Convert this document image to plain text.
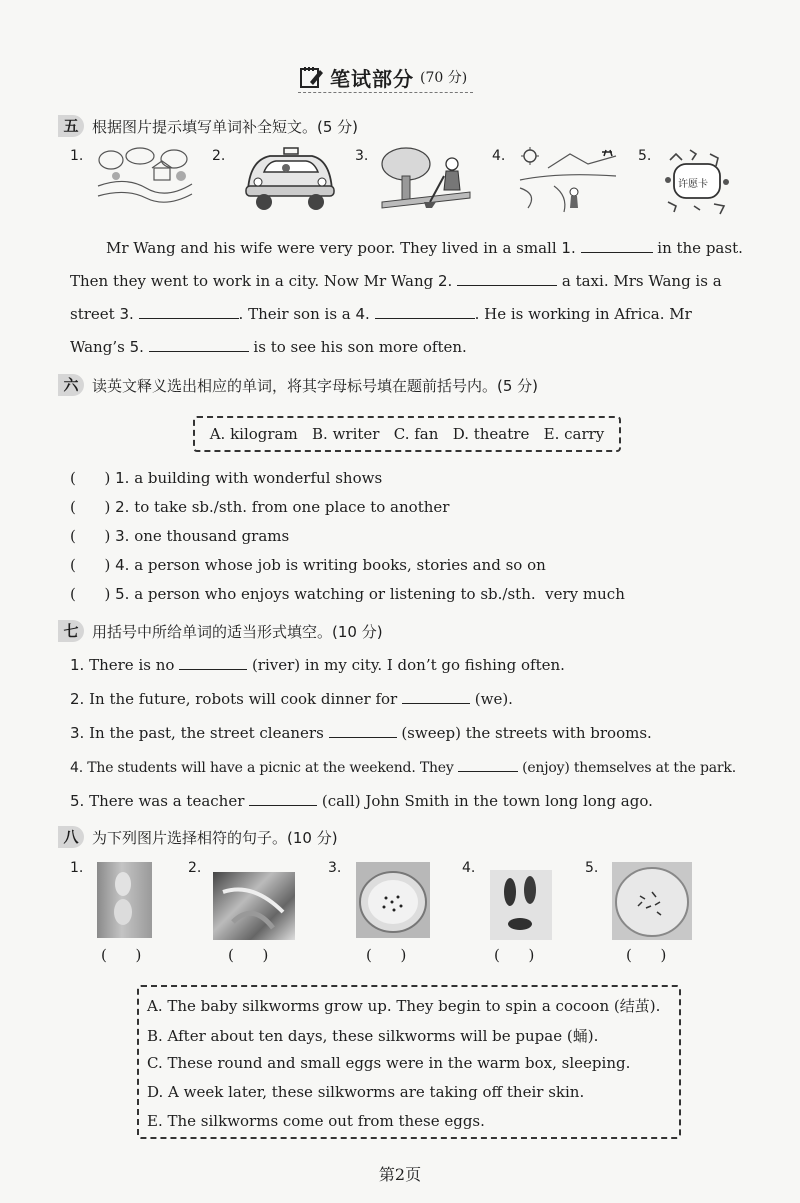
笔试部分 (70 分)
五 根据图片提示填写单词补全短文。(5 分)
1.	2.	3.	4.	5.
许愿卡

Mr Wang and his wife were very poor. They lived in a small 1.	in the past.

Then they went to work in a city. Now Mr Wang 2.	a taxi. Mrs Wang is a

street 3.	. Their son is a 4.	. He is working in Africa. Mr

Wang’s 5.	is to see his son more often.

六 读英文释义选出相应的单词，将其字母标号填在题前括号内。(5 分)
A. kilogram   B. writer   C. fan   D. theatre   E. carry
(      ) 1. a building with wonderful shows
(      ) 2. to take sb./sth. from one place to another
(      ) 3. one thousand grams
(      ) 4. a person whose job is writing books, stories and so on
(      ) 5. a person who enjoys watching or listening to sb./sth.  very much
七 用括号中所给单词的适当形式填空。(10 分)
1. There is no	(river) in my city. I don’t go fishing often.
2. In the future, robots will cook dinner for	(we).
3. In the past, the street cleaners	(sweep) the streets with brooms.
4. The students will have a picnic at the weekend. They	(enjoy) themselves at the park.
5. There was a teacher	(call) John Smith in the town long long ago.
八 为下列图片选择相符的句子。(10 分)
1.	2.	3.	4.	5.
(      )	(      )	(      )	(      )	(      )
A. The baby silkworms grow up. They begin to spin a cocoon (结茧).
B. After about ten days, these silkworms will be pupae (蛹).
C. These round and small eggs were in the warm box, sleeping.
D. A week later, these silkworms are taking off their skin.
E. The silkworms come out from these eggs.
第2页
